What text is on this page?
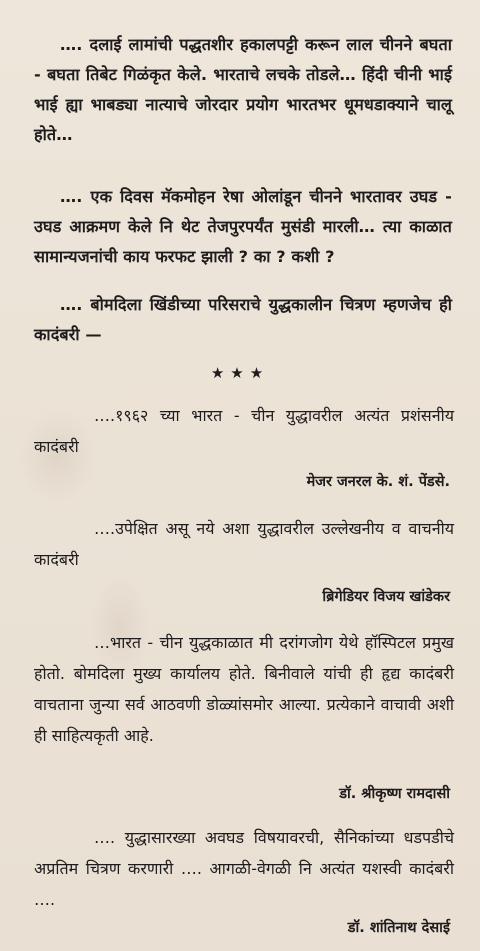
…. दलाई लामांची पद्धतशीर हकालपट्टी करून लाल चीनने बघता - बघता तिबेट गिळंकृत केले. भारताचे लचके तोडले… हिंदी चीनी भाई भाई ह्या भाबड्या नात्याचे जोरदार प्रयोग भारतभर धूमधडाक्याने चालू होते…

…. एक दिवस मॅकमोहन रेषा ओलांडून चीनने भारतावर उघड - उघड आक्रमण केले नि थेट तेजपुरपर्यंत मुसंडी मारली… त्या काळात सामान्यजनांची काय फरफट झाली ? का ? कशी ?

…. बोमदिला खिंडीच्या परिसराचे युद्धकालीन चित्रण म्हणजेच ही कादंबरी —

★★★

….१९६२ च्या भारत - चीन युद्धावरील अत्यंत प्रशंसनीय कादंबरी

मेजर जनरल के. शं. पेंडसे.

….उपेक्षित असू नये अशा युद्धावरील उल्लेखनीय व वाचनीय कादंबरी

ब्रिगेडियर विजय खांडेकर

…भारत - चीन युद्धकाळात मी दरांगजोग येथे हॉस्पिटल प्रमुख होतो. बोमदिला मुख्य कार्यालय होते. बिनीवाले यांची ही हृद्य कादंबरी वाचताना जुन्या सर्व आठवणी डोळ्यांसमोर आल्या. प्रत्येकाने वाचावी अशी ही साहित्यकृती आहे.

डॉ. श्रीकृष्ण रामदासी

…. युद्धासारख्या अवघड विषयावरची, सैनिकांच्या धडपडीचे अप्रतिम चित्रण करणारी …. आगळी-वेगळी नि अत्यंत यशस्वी कादंबरी ….

डॉ. शांतिनाथ देसाई
